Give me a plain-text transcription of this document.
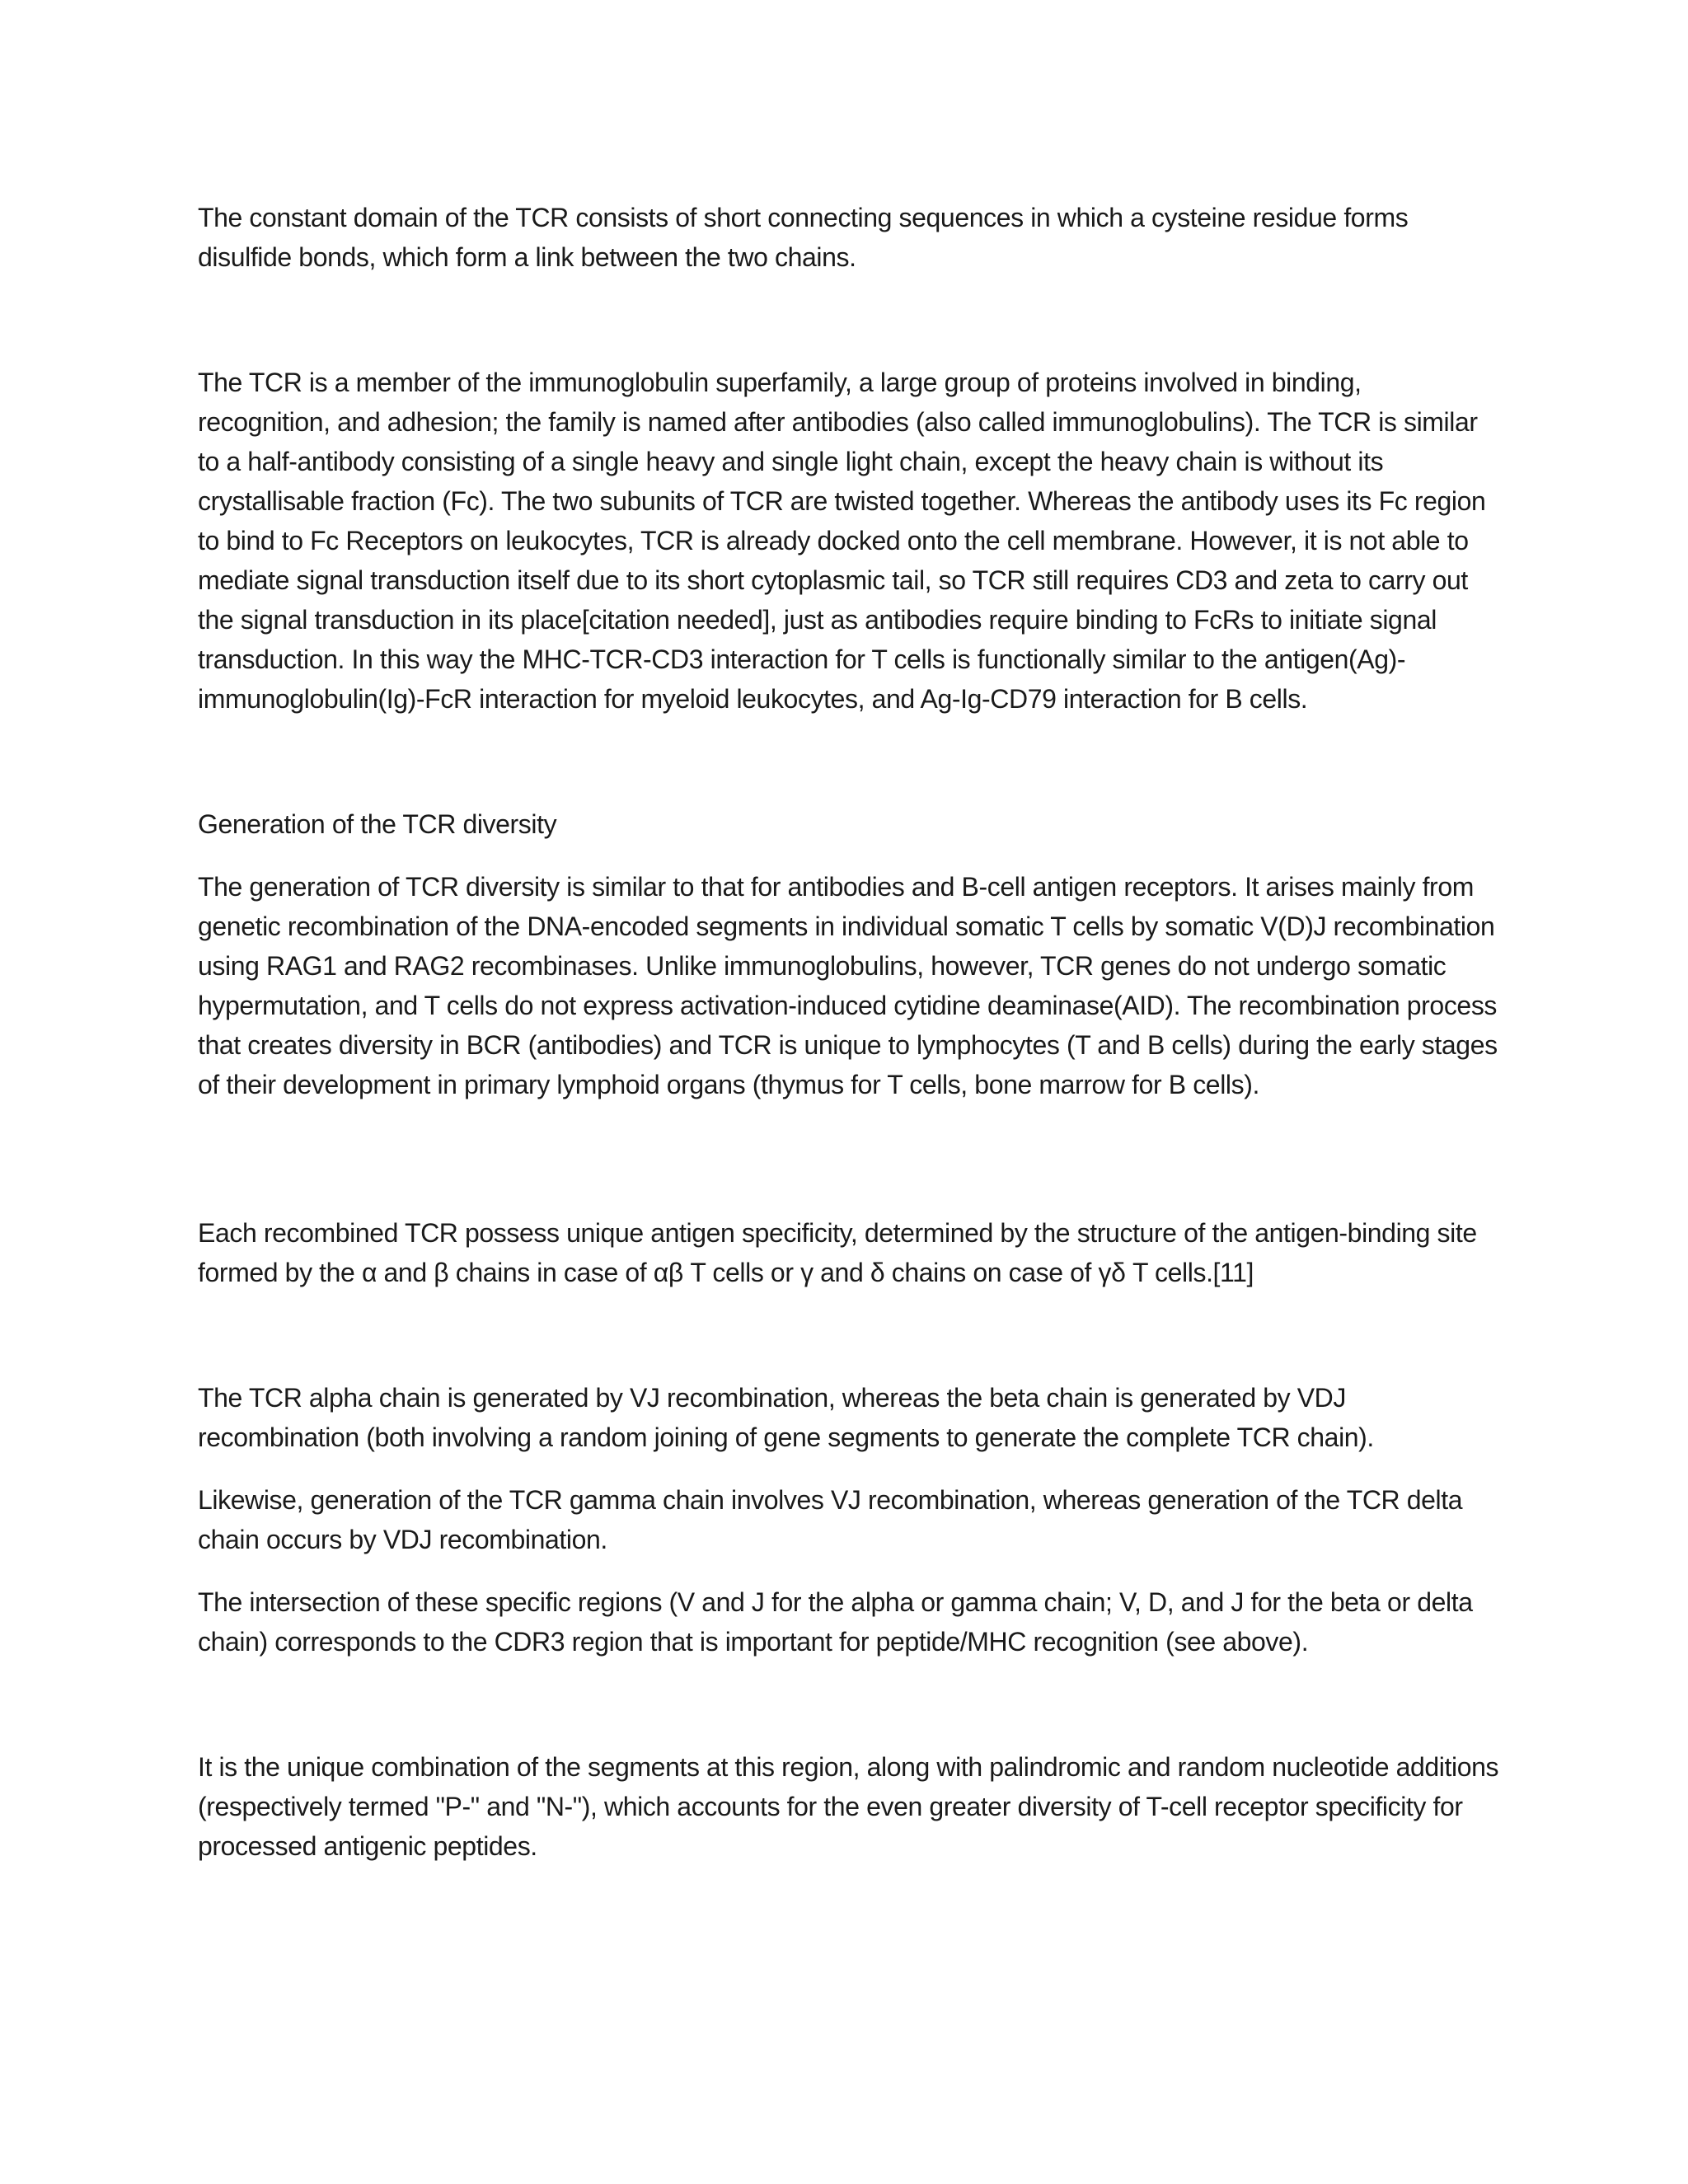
The constant domain of the TCR consists of short connecting sequences in which a cysteine residue forms disulfide bonds, which form a link between the two chains.

The TCR is a member of the immunoglobulin superfamily, a large group of proteins involved in binding, recognition, and adhesion; the family is named after antibodies (also called immunoglobulins). The TCR is similar to a half-antibody consisting of a single heavy and single light chain, except the heavy chain is without its crystallisable fraction (Fc). The two subunits of TCR are twisted together. Whereas the antibody uses its Fc region to bind to Fc Receptors on leukocytes, TCR is already docked onto the cell membrane. However, it is not able to mediate signal transduction itself due to its short cytoplasmic tail, so TCR still requires CD3 and zeta to carry out the signal transduction in its place[citation needed], just as antibodies require binding to FcRs to initiate signal transduction. In this way the MHC-TCR-CD3 interaction for T cells is functionally similar to the antigen(Ag)-immunoglobulin(Ig)-FcR interaction for myeloid leukocytes, and Ag-Ig-CD79 interaction for B cells.

Generation of the TCR diversity

The generation of TCR diversity is similar to that for antibodies and B-cell antigen receptors. It arises mainly from genetic recombination of the DNA-encoded segments in individual somatic T cells by somatic V(D)J recombination using RAG1 and RAG2 recombinases. Unlike immunoglobulins, however, TCR genes do not undergo somatic hypermutation, and T cells do not express activation-induced cytidine deaminase(AID). The recombination process that creates diversity in BCR (antibodies) and TCR is unique to lymphocytes (T and B cells) during the early stages of their development in primary lymphoid organs (thymus for T cells, bone marrow for B cells).

Each recombined TCR possess unique antigen specificity, determined by the structure of the antigen-binding site formed by the α and β chains in case of αβ T cells or γ and δ chains on case of γδ T cells.[11]

The TCR alpha chain is generated by VJ recombination, whereas the beta chain is generated by VDJ recombination (both involving a random joining of gene segments to generate the complete TCR chain).

Likewise, generation of the TCR gamma chain involves VJ recombination, whereas generation of the TCR delta chain occurs by VDJ recombination.

The intersection of these specific regions (V and J for the alpha or gamma chain; V, D, and J for the beta or delta chain) corresponds to the CDR3 region that is important for peptide/MHC recognition (see above).

It is the unique combination of the segments at this region, along with palindromic and random nucleotide additions (respectively termed "P-" and "N-"), which accounts for the even greater diversity of T-cell receptor specificity for processed antigenic peptides.
